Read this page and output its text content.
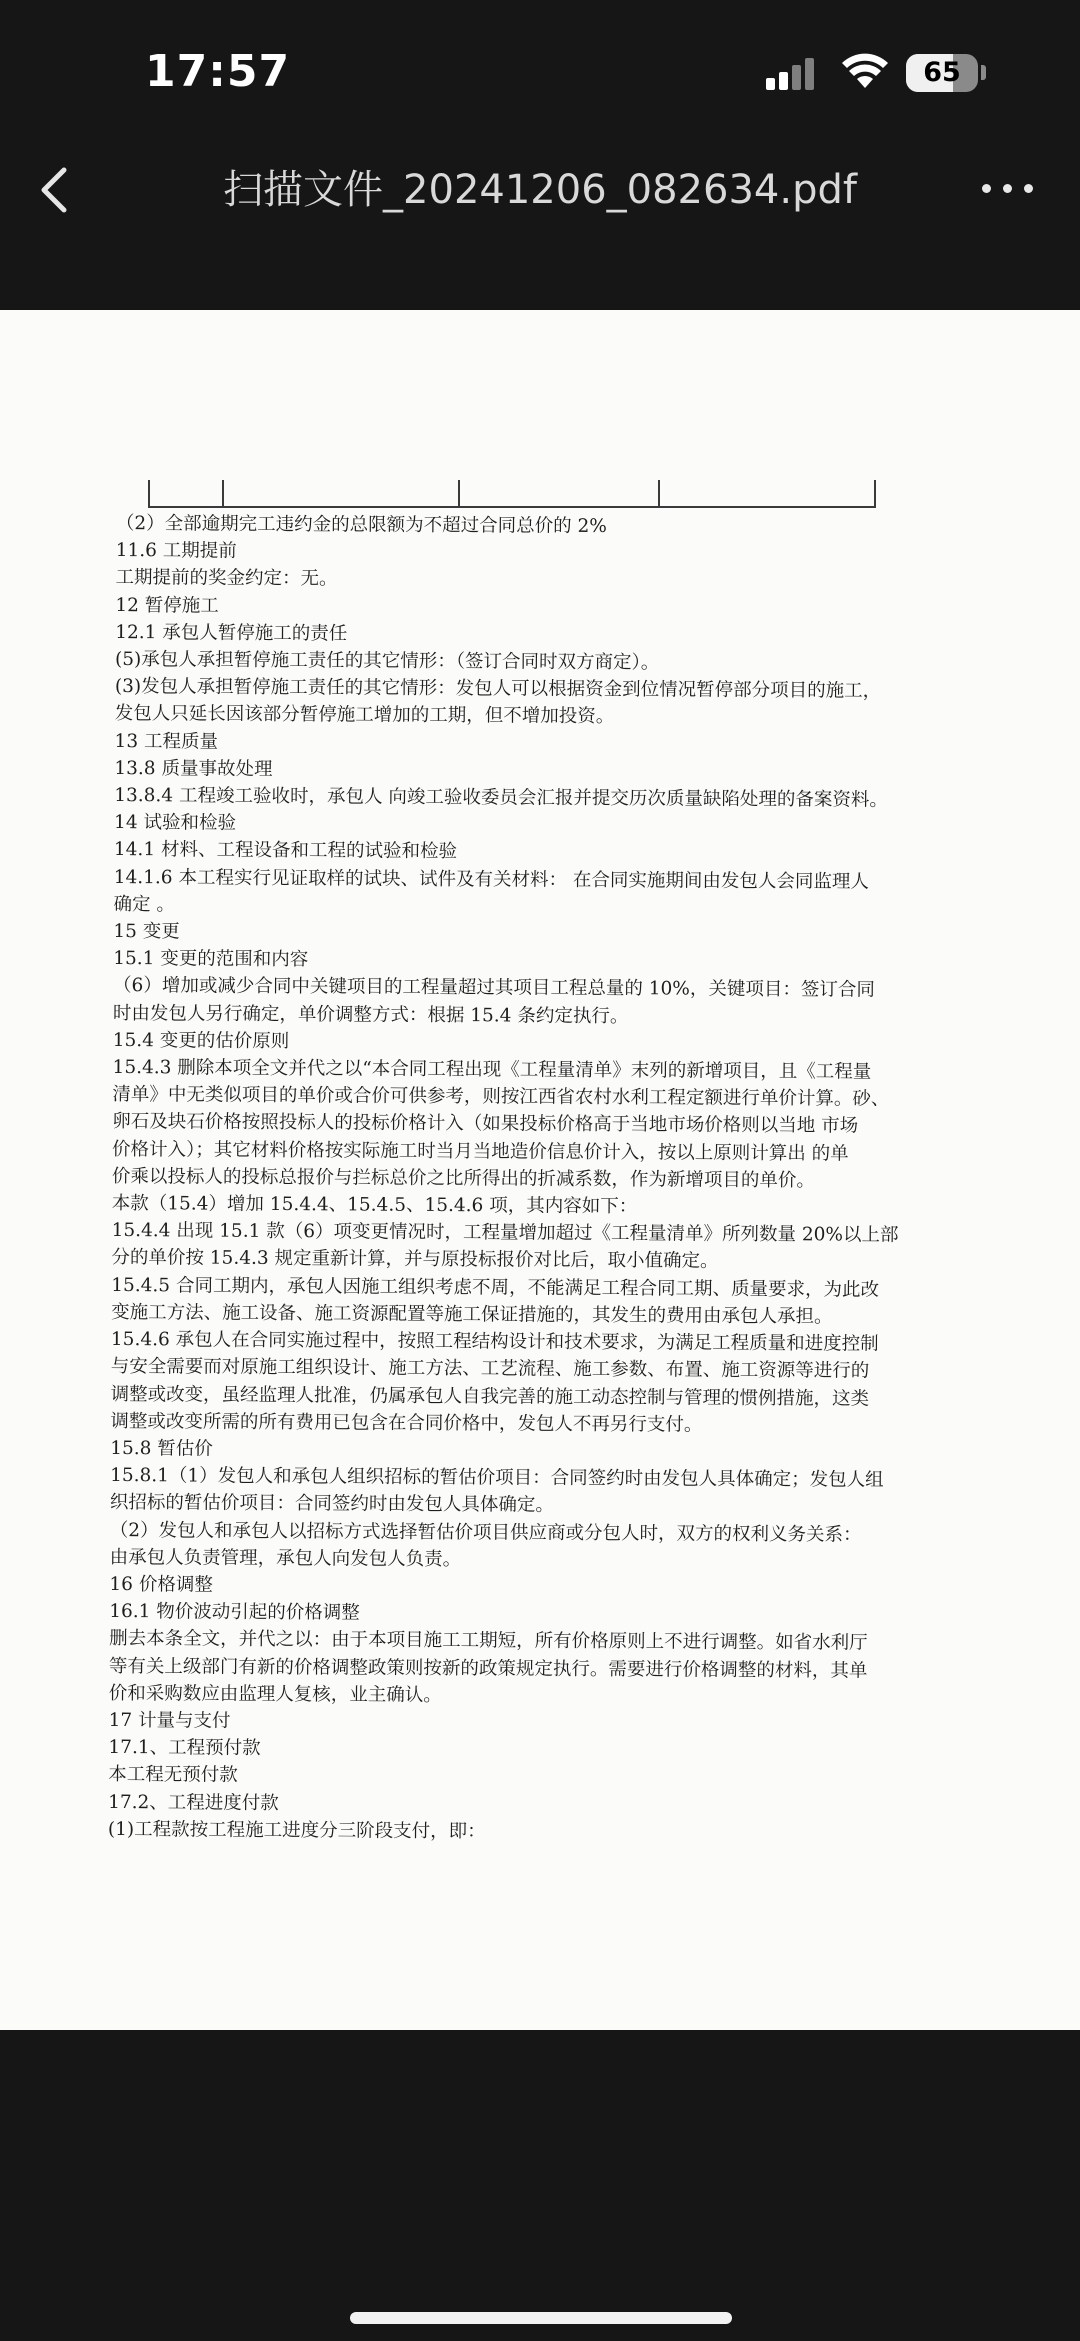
17:57	65
扫描文件_20241206_082634.pdf

（2）全部逾期完工违约金的总限额为不超过合同总价的 2%

11.6 工期提前

工期提前的奖金约定：无。

12 暂停施工

12.1 承包人暂停施工的责任

(5)承包人承担暂停施工责任的其它情形：（签订合同时双方商定）。

(3)发包人承担暂停施工责任的其它情形：发包人可以根据资金到位情况暂停部分项目的施工，

发包人只延长因该部分暂停施工增加的工期，但不增加投资。

13 工程质量

13.8 质量事故处理

13.8.4 工程竣工验收时，承包人 向竣工验收委员会汇报并提交历次质量缺陷处理的备案资料。

14 试验和检验

14.1 材料、工程设备和工程的试验和检验

14.1.6 本工程实行见证取样的试块、试件及有关材料： 在合同实施期间由发包人会同监理人

确定 。

15 变更

15.1 变更的范围和内容

（6）增加或减少合同中关键项目的工程量超过其项目工程总量的 10%，关键项目：签订合同

时由发包人另行确定，单价调整方式：根据 15.4 条约定执行。

15.4 变更的估价原则

15.4.3 删除本项全文并代之以“本合同工程出现《工程量清单》末列的新增项目，且《工程量

清单》中无类似项目的单价或合价可供参考，则按江西省农村水利工程定额进行单价计算。砂、

卵石及块石价格按照投标人的投标价格计入（如果投标价格高于当地市场价格则以当地 市场

价格计入）；其它材料价格按实际施工时当月当地造价信息价计入，按以上原则计算出 的单

价乘以投标人的投标总报价与拦标总价之比所得出的折减系数，作为新增项目的单价。

本款（15.4）增加 15.4.4、15.4.5、15.4.6 项，其内容如下：

15.4.4 出现 15.1 款（6）项变更情况时，工程量增加超过《工程量清单》所列数量 20%以上部

分的单价按 15.4.3 规定重新计算，并与原投标报价对比后，取小值确定。

15.4.5 合同工期内，承包人因施工组织考虑不周，不能满足工程合同工期、质量要求，为此改

变施工方法、施工设备、施工资源配置等施工保证措施的，其发生的费用由承包人承担。

15.4.6 承包人在合同实施过程中，按照工程结构设计和技术要求，为满足工程质量和进度控制

与安全需要而对原施工组织设计、施工方法、工艺流程、施工参数、布置、施工资源等进行的

调整或改变，虽经监理人批准，仍属承包人自我完善的施工动态控制与管理的惯例措施，这类

调整或改变所需的所有费用已包含在合同价格中，发包人不再另行支付。

15.8 暂估价

15.8.1（1）发包人和承包人组织招标的暂估价项目：合同签约时由发包人具体确定；发包人组

织招标的暂估价项目：合同签约时由发包人具体确定。

（2）发包人和承包人以招标方式选择暂估价项目供应商或分包人时，双方的权利义务关系：

由承包人负责管理，承包人向发包人负责。

16 价格调整

16.1 物价波动引起的价格调整

删去本条全文，并代之以：由于本项目施工工期短，所有价格原则上不进行调整。如省水利厅

等有关上级部门有新的价格调整政策则按新的政策规定执行。需要进行价格调整的材料，其单

价和采购数应由监理人复核，业主确认。

17 计量与支付

17.1、工程预付款

本工程无预付款

17.2、工程进度付款

(1)工程款按工程施工进度分三阶段支付，即：
